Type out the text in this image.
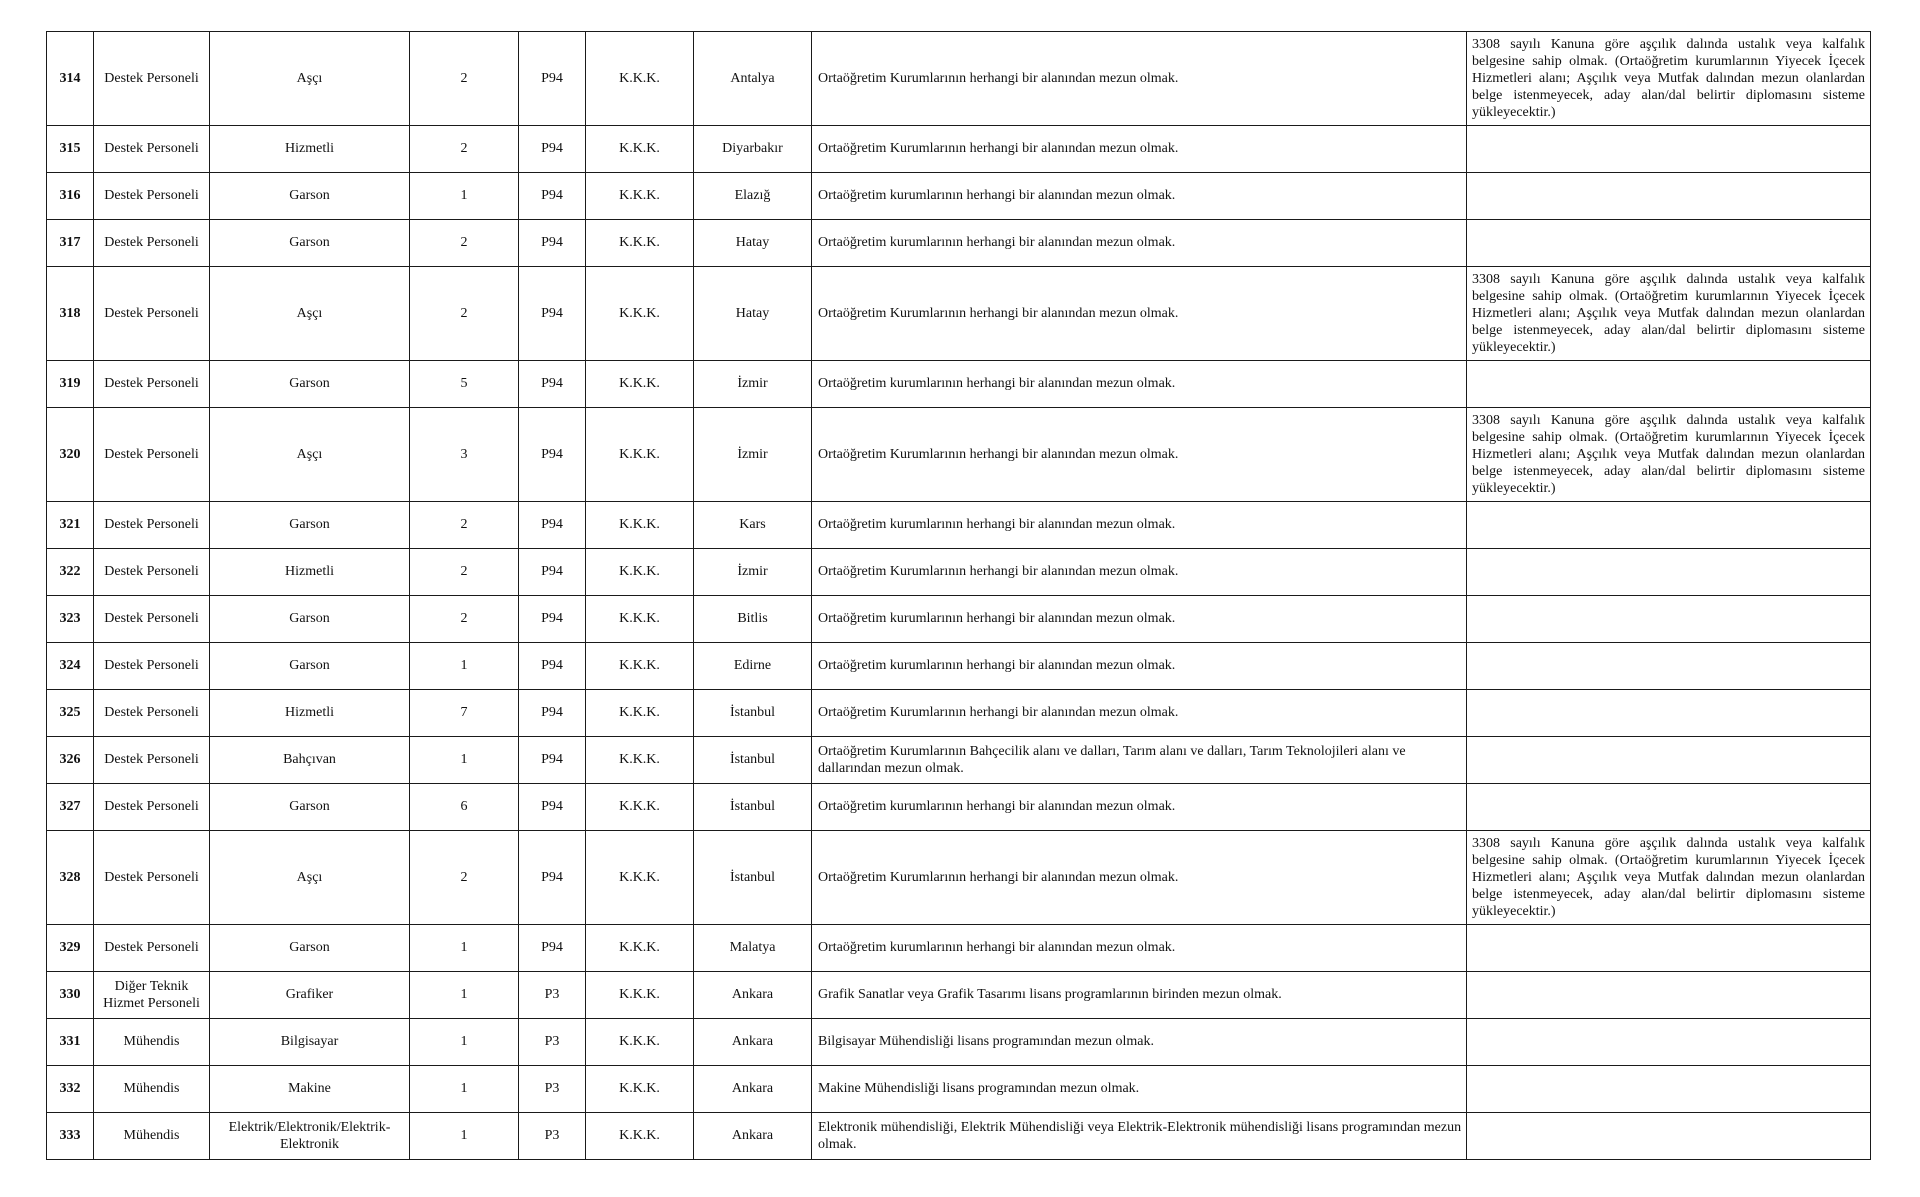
314	Destek Personeli	Aşçı	2	P94	K.K.K.	Antalya	Ortaöğretim Kurumlarının herhangi bir alanından mezun olmak.	3308 sayılı Kanuna göre aşçılık dalında ustalık veya kalfalık belgesine sahip olmak. (Ortaöğretim kurumlarının Yiyecek İçecek Hizmetleri alanı; Aşçılık veya Mutfak dalından mezun olanlardan belge istenmeyecek, aday alan/dal belirtir diplomasını sisteme yükleyecektir.)
315	Destek Personeli	Hizmetli	2	P94	K.K.K.	Diyarbakır	Ortaöğretim Kurumlarının herhangi bir alanından mezun olmak.	
316	Destek Personeli	Garson	1	P94	K.K.K.	Elazığ	Ortaöğretim kurumlarının herhangi bir alanından mezun olmak.	
317	Destek Personeli	Garson	2	P94	K.K.K.	Hatay	Ortaöğretim kurumlarının herhangi bir alanından mezun olmak.	
318	Destek Personeli	Aşçı	2	P94	K.K.K.	Hatay	Ortaöğretim Kurumlarının herhangi bir alanından mezun olmak.	3308 sayılı Kanuna göre aşçılık dalında ustalık veya kalfalık belgesine sahip olmak. (Ortaöğretim kurumlarının Yiyecek İçecek Hizmetleri alanı; Aşçılık veya Mutfak dalından mezun olanlardan belge istenmeyecek, aday alan/dal belirtir diplomasını sisteme yükleyecektir.)
319	Destek Personeli	Garson	5	P94	K.K.K.	İzmir	Ortaöğretim kurumlarının herhangi bir alanından mezun olmak.	
320	Destek Personeli	Aşçı	3	P94	K.K.K.	İzmir	Ortaöğretim Kurumlarının herhangi bir alanından mezun olmak.	3308 sayılı Kanuna göre aşçılık dalında ustalık veya kalfalık belgesine sahip olmak. (Ortaöğretim kurumlarının Yiyecek İçecek Hizmetleri alanı; Aşçılık veya Mutfak dalından mezun olanlardan belge istenmeyecek, aday alan/dal belirtir diplomasını sisteme yükleyecektir.)
321	Destek Personeli	Garson	2	P94	K.K.K.	Kars	Ortaöğretim kurumlarının herhangi bir alanından mezun olmak.	
322	Destek Personeli	Hizmetli	2	P94	K.K.K.	İzmir	Ortaöğretim Kurumlarının herhangi bir alanından mezun olmak.	
323	Destek Personeli	Garson	2	P94	K.K.K.	Bitlis	Ortaöğretim kurumlarının herhangi bir alanından mezun olmak.	
324	Destek Personeli	Garson	1	P94	K.K.K.	Edirne	Ortaöğretim kurumlarının herhangi bir alanından mezun olmak.	
325	Destek Personeli	Hizmetli	7	P94	K.K.K.	İstanbul	Ortaöğretim Kurumlarının herhangi bir alanından mezun olmak.	
326	Destek Personeli	Bahçıvan	1	P94	K.K.K.	İstanbul	Ortaöğretim Kurumlarının Bahçecilik alanı ve dalları, Tarım alanı ve dalları, Tarım Teknolojileri alanı ve dallarından mezun olmak.	
327	Destek Personeli	Garson	6	P94	K.K.K.	İstanbul	Ortaöğretim kurumlarının herhangi bir alanından mezun olmak.	
328	Destek Personeli	Aşçı	2	P94	K.K.K.	İstanbul	Ortaöğretim Kurumlarının herhangi bir alanından mezun olmak.	3308 sayılı Kanuna göre aşçılık dalında ustalık veya kalfalık belgesine sahip olmak. (Ortaöğretim kurumlarının Yiyecek İçecek Hizmetleri alanı; Aşçılık veya Mutfak dalından mezun olanlardan belge istenmeyecek, aday alan/dal belirtir diplomasını sisteme yükleyecektir.)
329	Destek Personeli	Garson	1	P94	K.K.K.	Malatya	Ortaöğretim kurumlarının herhangi bir alanından mezun olmak.	
330	Diğer Teknik Hizmet Personeli	Grafiker	1	P3	K.K.K.	Ankara	Grafik Sanatlar veya Grafik Tasarımı lisans programlarının birinden mezun olmak.	
331	Mühendis	Bilgisayar	1	P3	K.K.K.	Ankara	Bilgisayar Mühendisliği lisans programından mezun olmak.	
332	Mühendis	Makine	1	P3	K.K.K.	Ankara	Makine Mühendisliği lisans programından mezun olmak.	
333	Mühendis	Elektrik/Elektronik/Elektrik-Elektronik	1	P3	K.K.K.	Ankara	Elektronik mühendisliği, Elektrik Mühendisliği veya Elektrik-Elektronik mühendisliği lisans programından mezun olmak.	
